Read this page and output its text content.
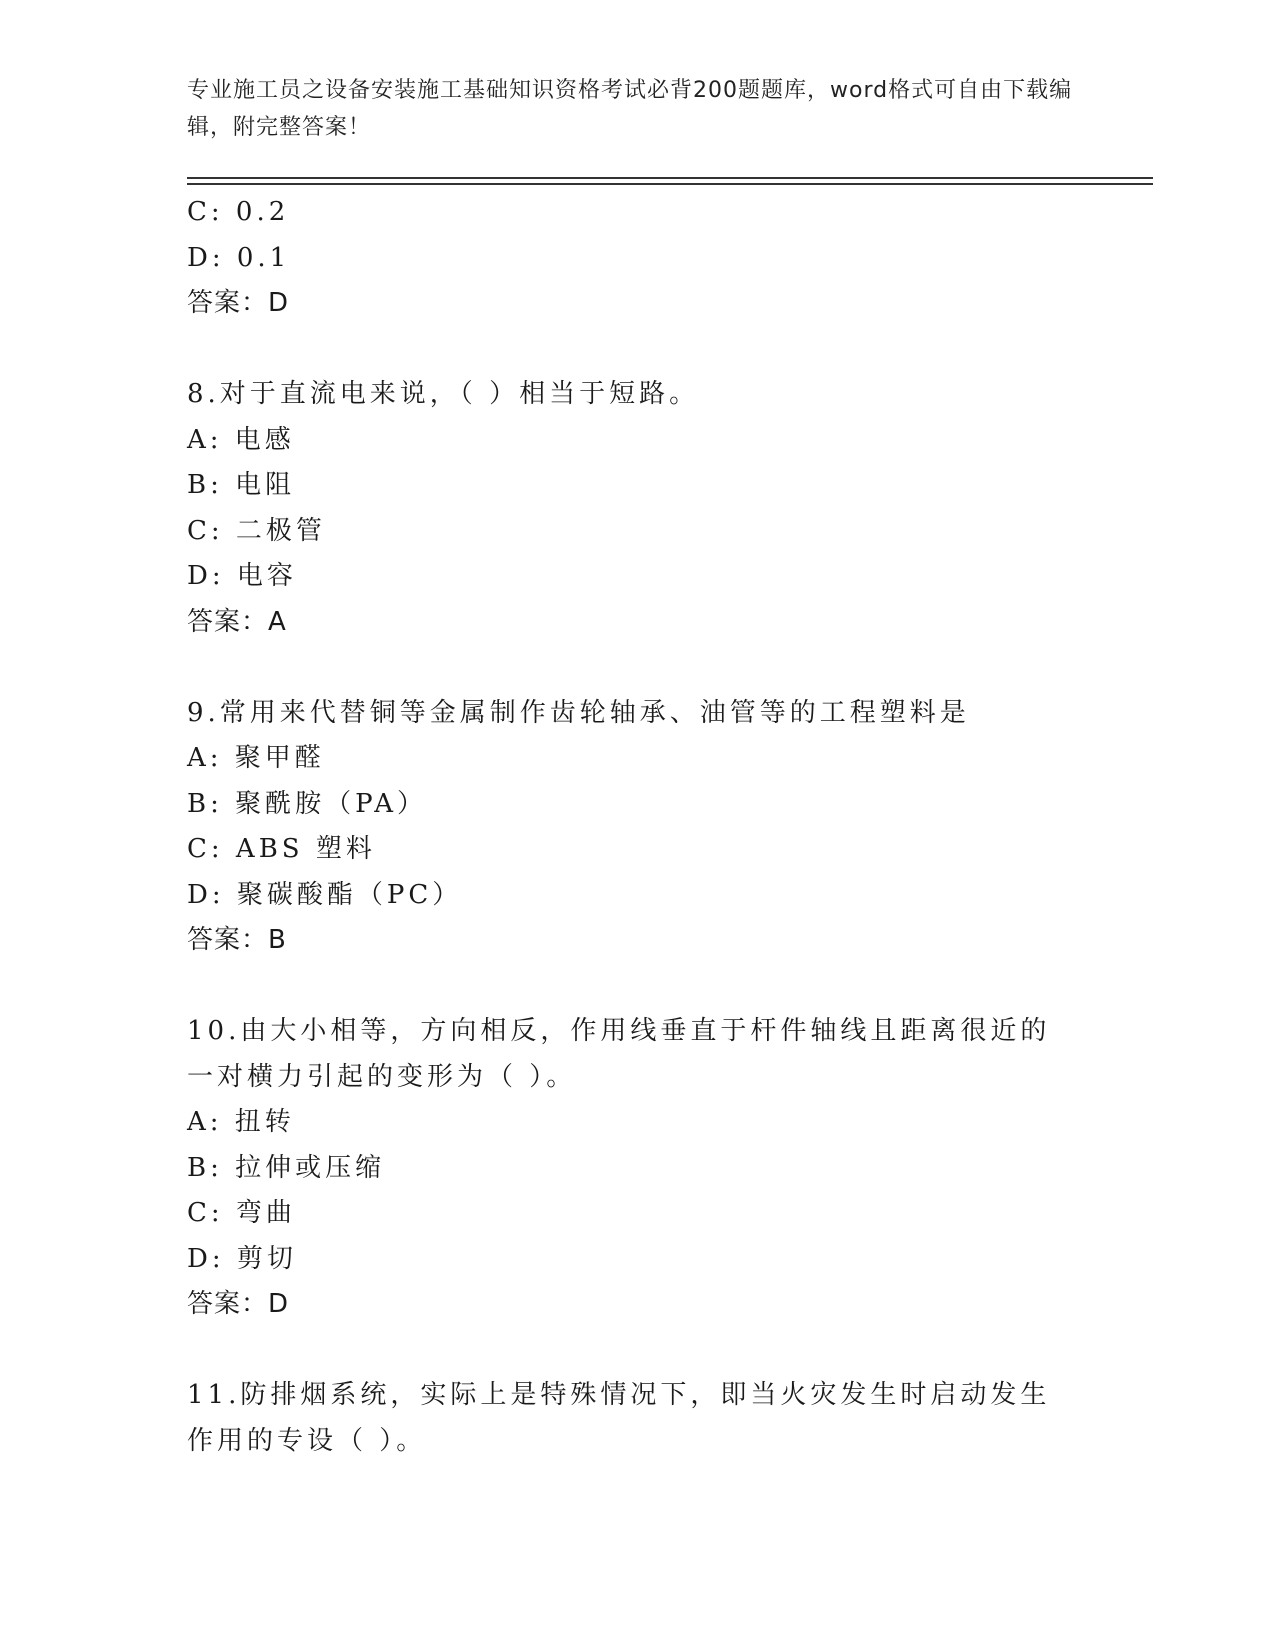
专业施工员之设备安装施工基础知识资格考试必背200题题库，word格式可自由下载编辑，附完整答案！
C: 0.2
D: 0.1
答案：D
8.对于直流电来说，（ ）相当于短路。
A: 电感
B: 电阻
C: 二极管
D: 电容
答案：A
9.常用来代替铜等金属制作齿轮轴承、油管等的工程塑料是
A: 聚甲醛
B: 聚酰胺（PA）
C: ABS 塑料
D: 聚碳酸酯（PC）
答案：B
10.由大小相等，方向相反，作用线垂直于杆件轴线且距离很近的一对横力引起的变形为（ ）。
A: 扭转
B: 拉伸或压缩
C: 弯曲
D: 剪切
答案：D
11.防排烟系统，实际上是特殊情况下，即当火灾发生时启动发生作用的专设（ ）。
